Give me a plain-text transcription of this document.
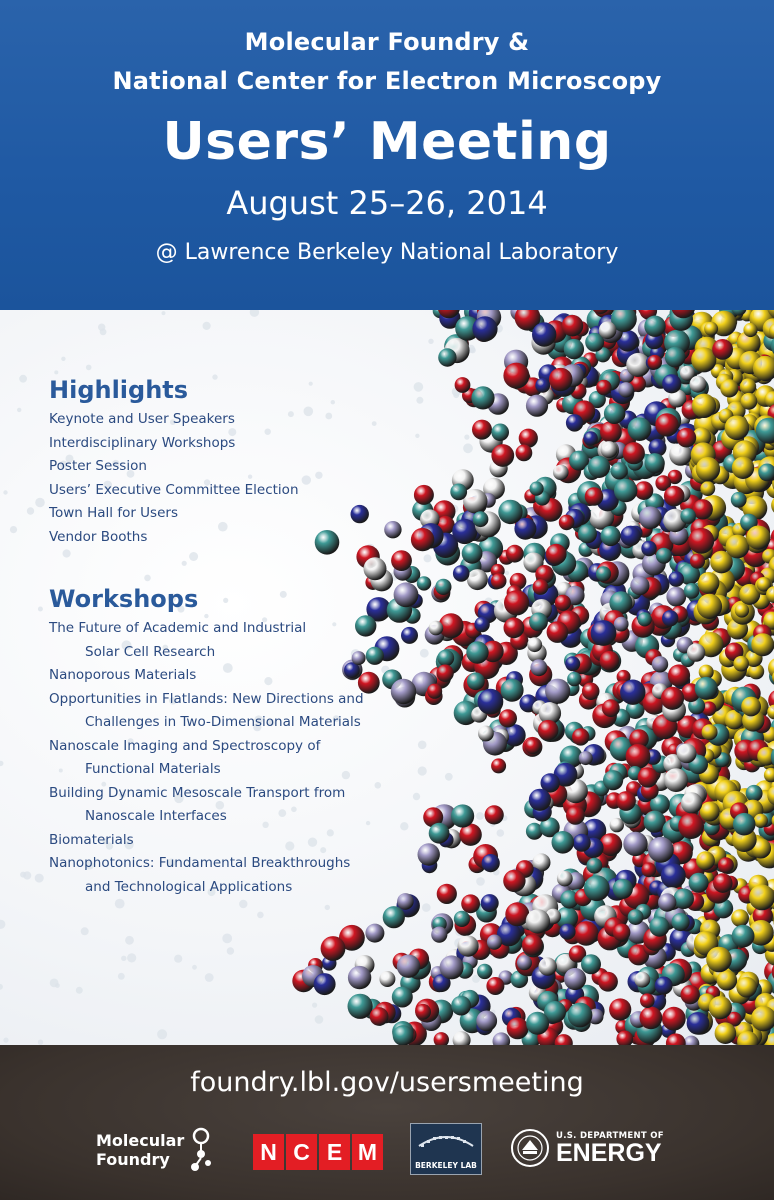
Molecular Foundry &
National Center for Electron Microscopy
Users’ Meeting
August 25–26, 2014
@ Lawrence Berkeley National Laboratory
Highlights
Keynote and User Speakers
Interdisciplinary Workshops
Poster Session
Users’ Executive Committee Election
Town Hall for Users
Vendor Booths
Workshops
The Future of Academic and Industrial
Solar Cell Research
Nanoporous Materials
Opportunities in Flatlands: New Directions and
Challenges in Two-Dimensional Materials
Nanoscale Imaging and Spectroscopy of
Functional Materials
Building Dynamic Mesoscale Transport from
Nanoscale Interfaces
Biomaterials
Nanophotonics: Fundamental Breakthroughs
and Technological Applications
foundry.lbl.gov/usersmeeting
Molecular
Foundry	N C E M
BERKELEY LAB
U.S. DEPARTMENT OF
ENERGY
